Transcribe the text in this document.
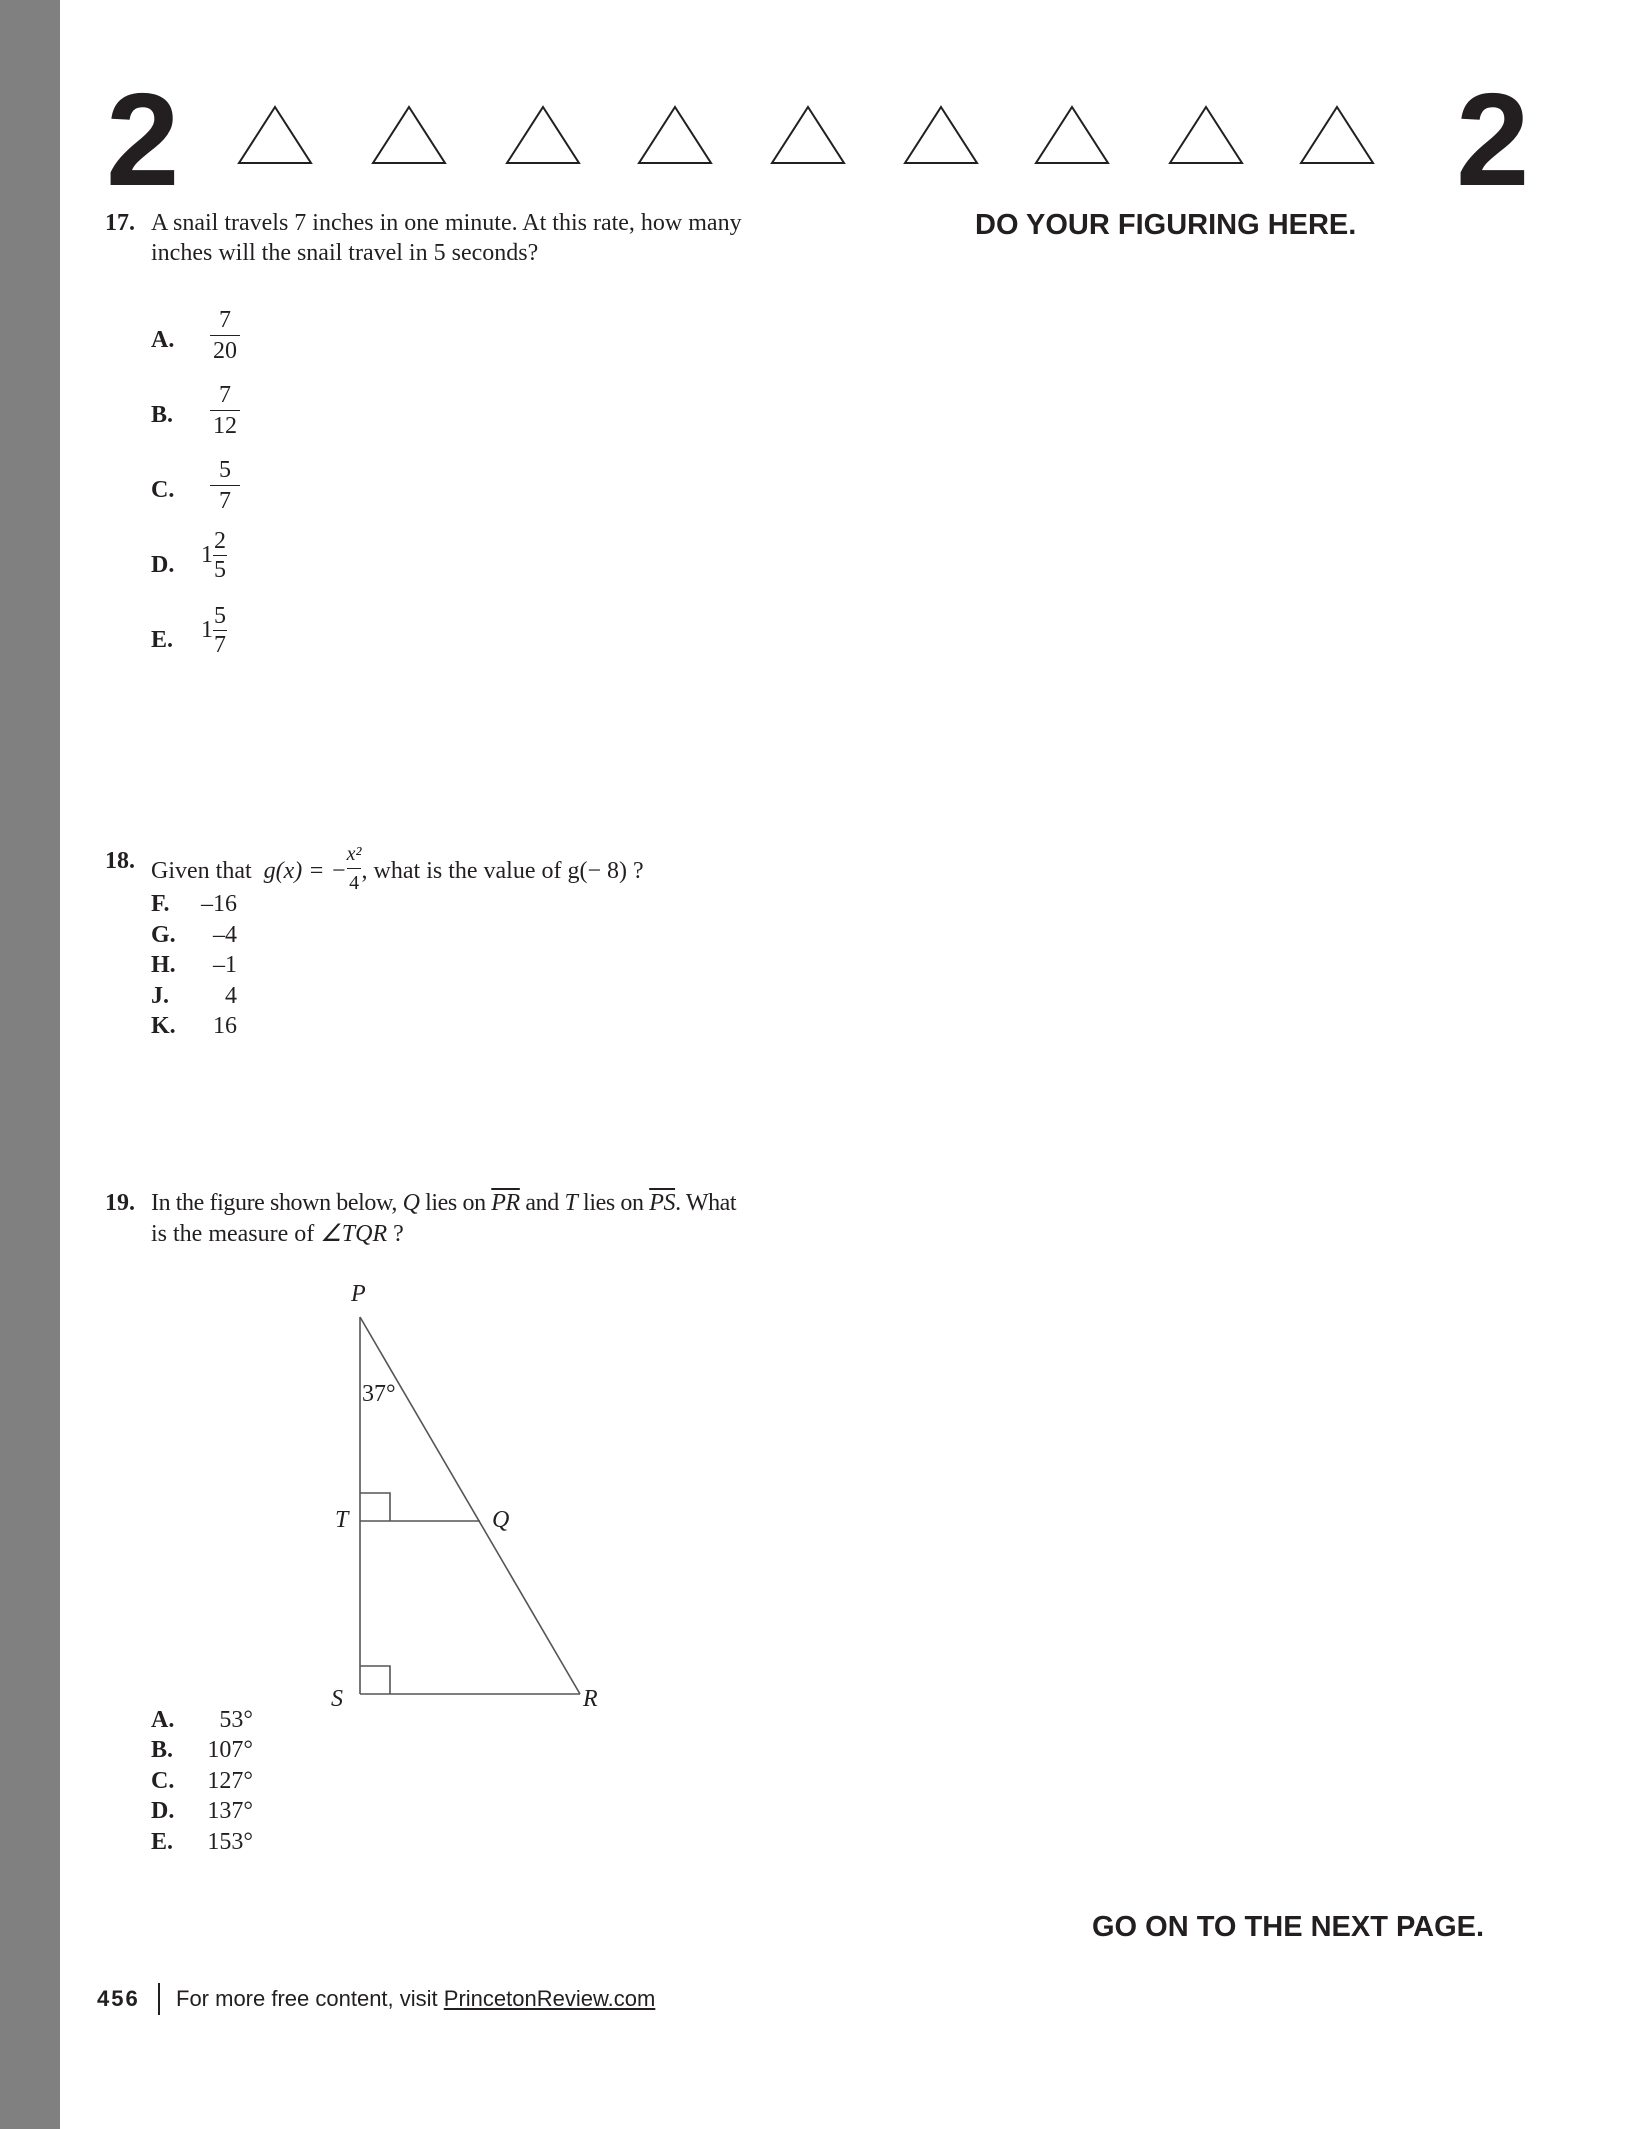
2	2
DO YOUR FIGURING HERE.
17. A snail travels 7 inches in one minute. At this rate, how many
inches will the snail travel in 5 seconds?
A.
7
20
B.
7
12
C.
5
7
D. 1
2
5
E. 1
5
7
18. Given that
g(x) = −
x²
4 , what is the value of g(− 8) ?
F. –16
G.	–4
H.	–1
J.	4
K.	16
19. In the figure shown below, Q lies on $\overline{PR}$ and T lies on $\overline{PS}$. What
is the measure of ∠TQR ?
P
37°
T	Q
S	R
A.	53°
B.	107°
C.	127°
D.	137°
E.	153°
GO ON TO THE NEXT PAGE.
456 For more free content, visit PrincetonReview.com
